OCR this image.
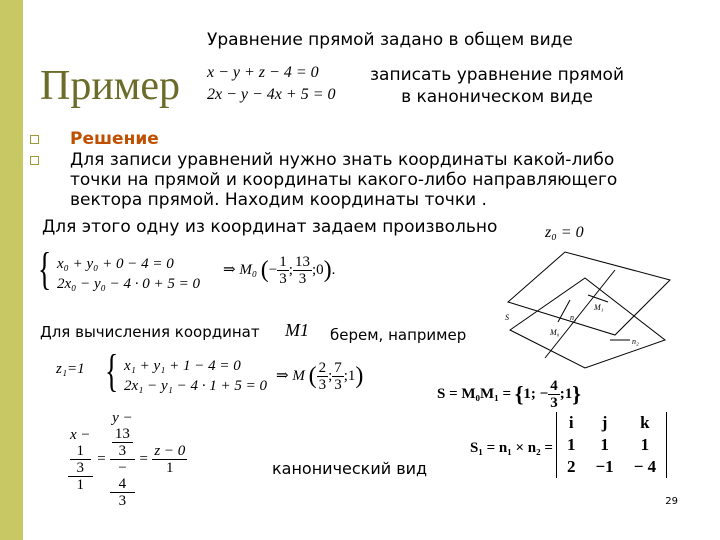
Уравнение прямой задано в общем виде
Пример x − y + z − 4 = 0
2x − y − 4x + 5 = 0
записать уравнение прямой
в каноническом виде
Решение
Для записи уравнений нужно знать координаты какой-либо
точки на прямой и координаты какого-либо направляющего
вектора прямой. Находим координаты точки .
Для этого одну из координат задаем произвольно	z₀ = 0
{ x₀ + y₀ + 0 − 4 = 0
2x₀ − y₀ − 4 · 0 + 5 = 0
⇒ M₀ (− $\frac{1}{3}$ ; $\frac{13}{3}$ ;0).
Для вычисления координат M1 берем, например
z₁=1 { x₁ + y₁ + 1 − 4 = 0
2x₁ − y₁ − 4 · 1 + 5 = 0
⇒ M ( $\frac{2}{3}$ ; $\frac{7}{3}$ ;1)
S = M₀M₁ = {1; − $\frac{4}{3}$ ;1}
x −
1
3
1 = y −
13
3
−
4
$3 = \frac{z - 0}{1}$	канонический вид
S₁ = n₁ × n₂ =
i	j	k
1	1	1
2	−1	− 4
S
M₁
M₀
n₁
n₂
29
